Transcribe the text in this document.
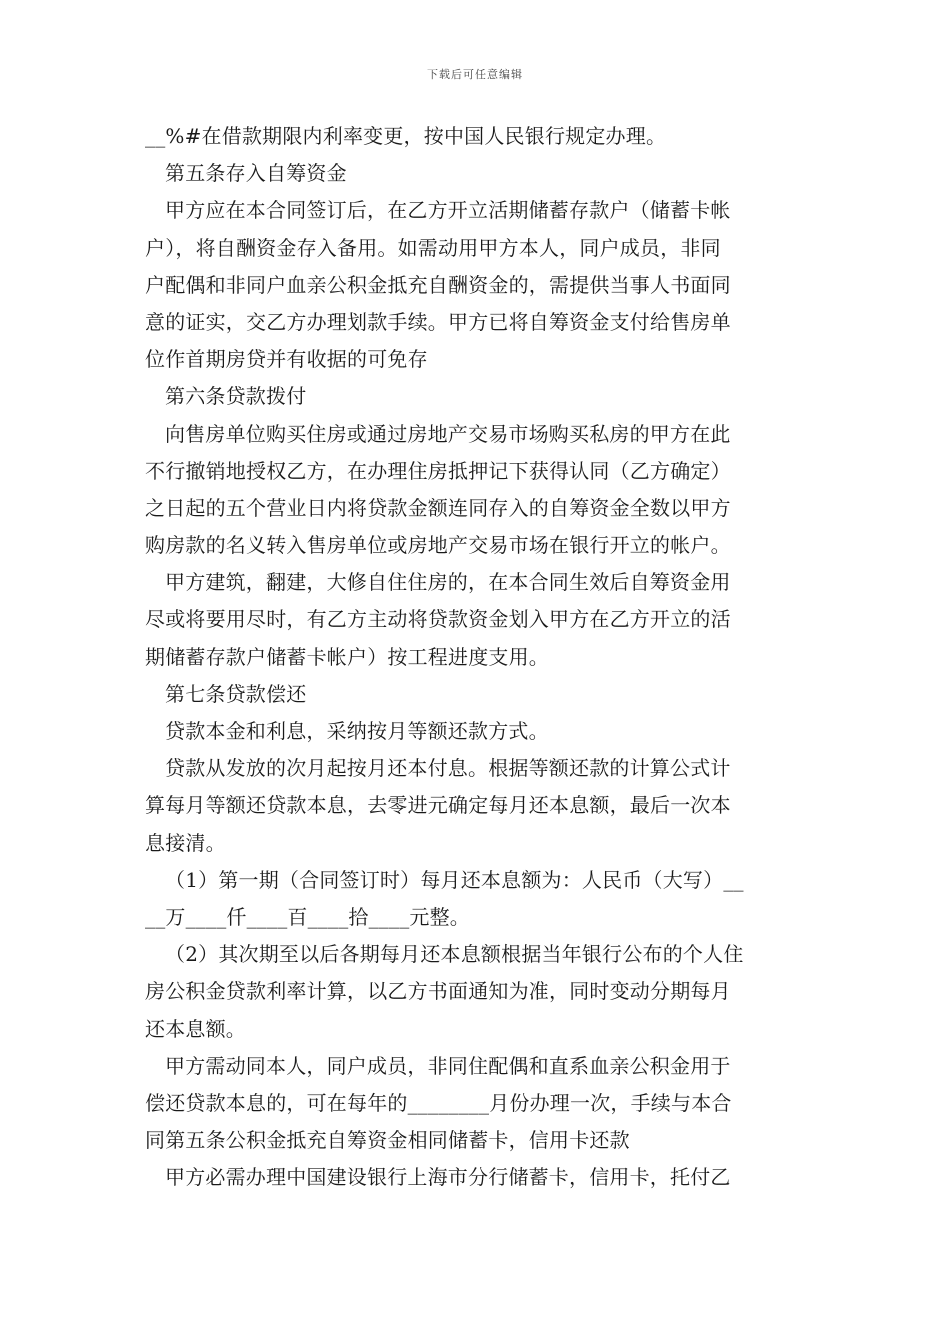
下载后可任意编辑
__%#在借款期限内利率变更，按中国人民银行规定办理。
第五条存入自筹资金
甲方应在本合同签订后，在乙方开立活期储蓄存款户（储蓄卡帐
户），将自酬资金存入备用。如需动用甲方本人，同户成员，非同
户配偶和非同户血亲公积金抵充自酬资金的，需提供当事人书面同
意的证实，交乙方办理划款手续。甲方已将自筹资金支付给售房单
位作首期房贷并有收据的可免存
第六条贷款拨付
向售房单位购买住房或通过房地产交易市场购买私房的甲方在此
不行撤销地授权乙方，在办理住房抵押记下获得认同（乙方确定）
之日起的五个营业日内将贷款金额连同存入的自筹资金全数以甲方
购房款的名义转入售房单位或房地产交易市场在银行开立的帐户。
甲方建筑，翻建，大修自住住房的，在本合同生效后自筹资金用
尽或将要用尽时，有乙方主动将贷款资金划入甲方在乙方开立的活
期储蓄存款户储蓄卡帐户）按工程进度支用。
第七条贷款偿还
贷款本金和利息，采纳按月等额还款方式。
贷款从发放的次月起按月还本付息。根据等额还款的计算公式计
算每月等额还贷款本息，去零进元确定每月还本息额，最后一次本
息接清。
（1）第一期（合同签订时）每月还本息额为：人民币（大写）__
__万____仟____百____拾____元整。
（2）其次期至以后各期每月还本息额根据当年银行公布的个人住
房公积金贷款利率计算，以乙方书面通知为准，同时变动分期每月
还本息额。
甲方需动同本人，同户成员，非同住配偶和直系血亲公积金用于
偿还贷款本息的，可在每年的________月份办理一次，手续与本合
同第五条公积金抵充自筹资金相同储蓄卡，信用卡还款
甲方必需办理中国建设银行上海市分行储蓄卡，信用卡，托付乙
